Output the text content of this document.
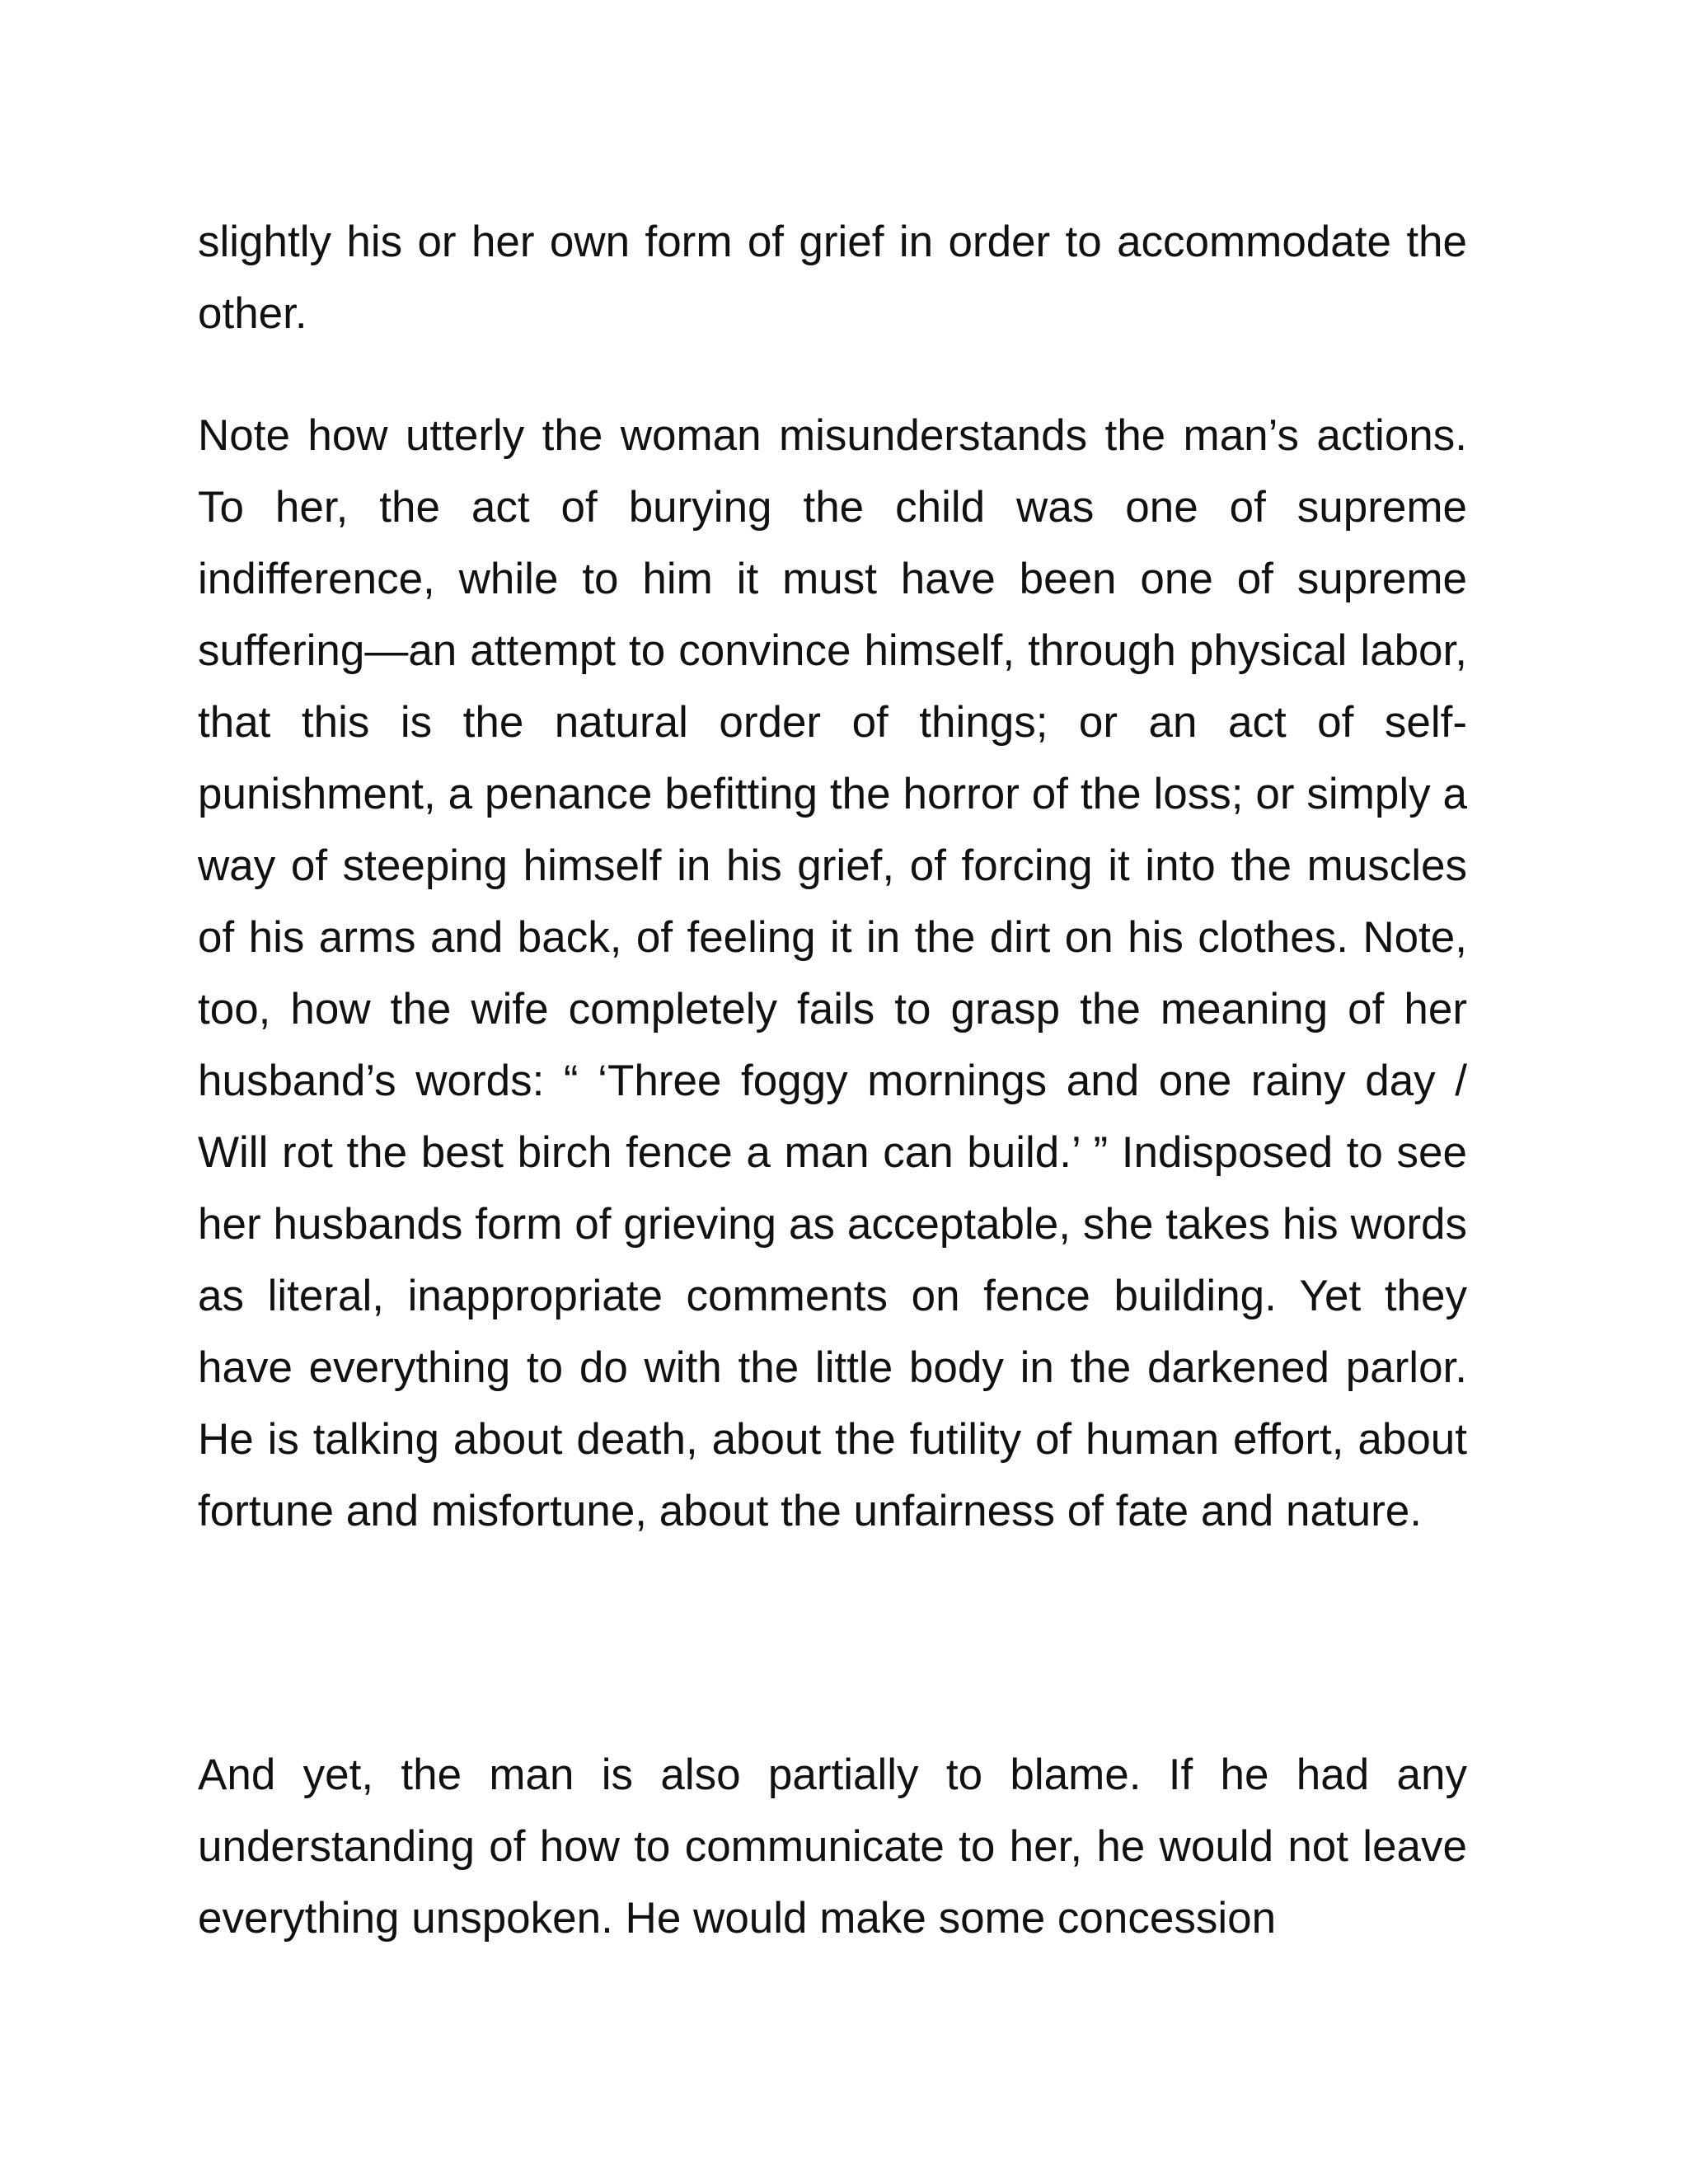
slightly his or her own form of grief in order to accommodate the other.

Note how utterly the woman misunderstands the man’s actions. To her, the act of burying the child was one of supreme indifference, while to him it must have been one of supreme suffering—an attempt to convince himself, through physical labor, that this is the natural order of things; or an act of self-punishment, a penance befitting the horror of the loss; or simply a way of steeping himself in his grief, of forcing it into the muscles of his arms and back, of feeling it in the dirt on his clothes. Note, too, how the wife completely fails to grasp the meaning of her husband’s words: “ ‘Three foggy mornings and one rainy day / Will rot the best birch fence a man can build.’ ” Indisposed to see her husbands form of grieving as acceptable, she takes his words as literal, inappropriate comments on fence building. Yet they have everything to do with the little body in the darkened parlor. He is talking about death, about the futility of human effort, about fortune and misfortune, about the unfairness of fate and nature.

And yet, the man is also partially to blame. If he had any understanding of how to communicate to her, he would not leave everything unspoken. He would make some concession
